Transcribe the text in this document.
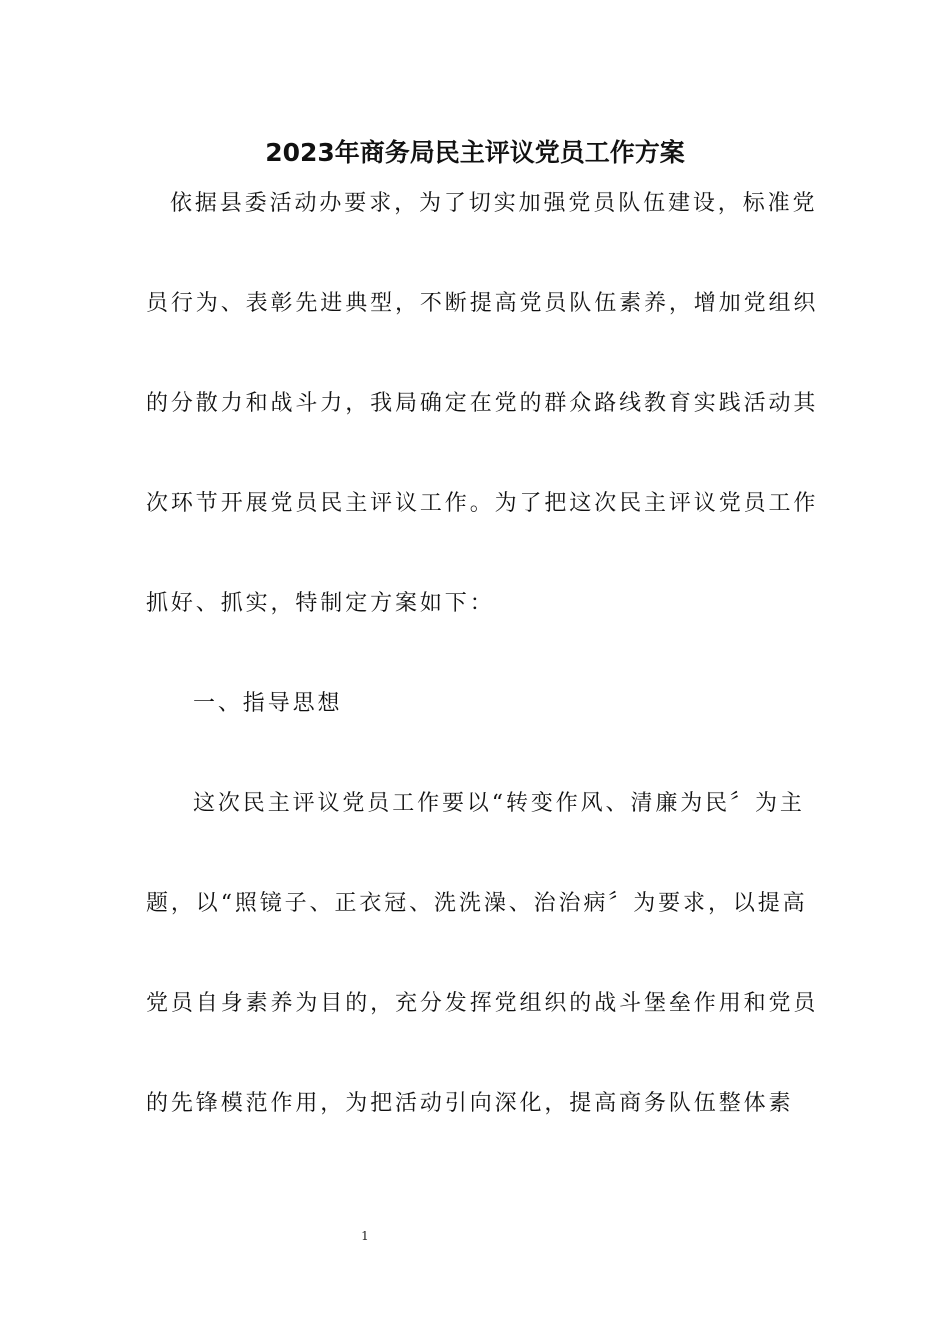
2023年商务局民主评议党员工作方案

依据县委活动办要求，为了切实加强党员队伍建设，标准党

员行为、表彰先进典型，不断提高党员队伍素养，增加党组织

的分散力和战斗力，我局确定在党的群众路线教育实践活动其

次环节开展党员民主评议工作。为了把这次民主评议党员工作

抓好、抓实，特制定方案如下：

一、指导思想

这次民主评议党员工作要以“转变作风、清廉为民〞为主

题，以“照镜子、正衣冠、洗洗澡、治治病〞为要求，以提高

党员自身素养为目的，充分发挥党组织的战斗堡垒作用和党员

的先锋模范作用，为把活动引向深化，提高商务队伍整体素

1
